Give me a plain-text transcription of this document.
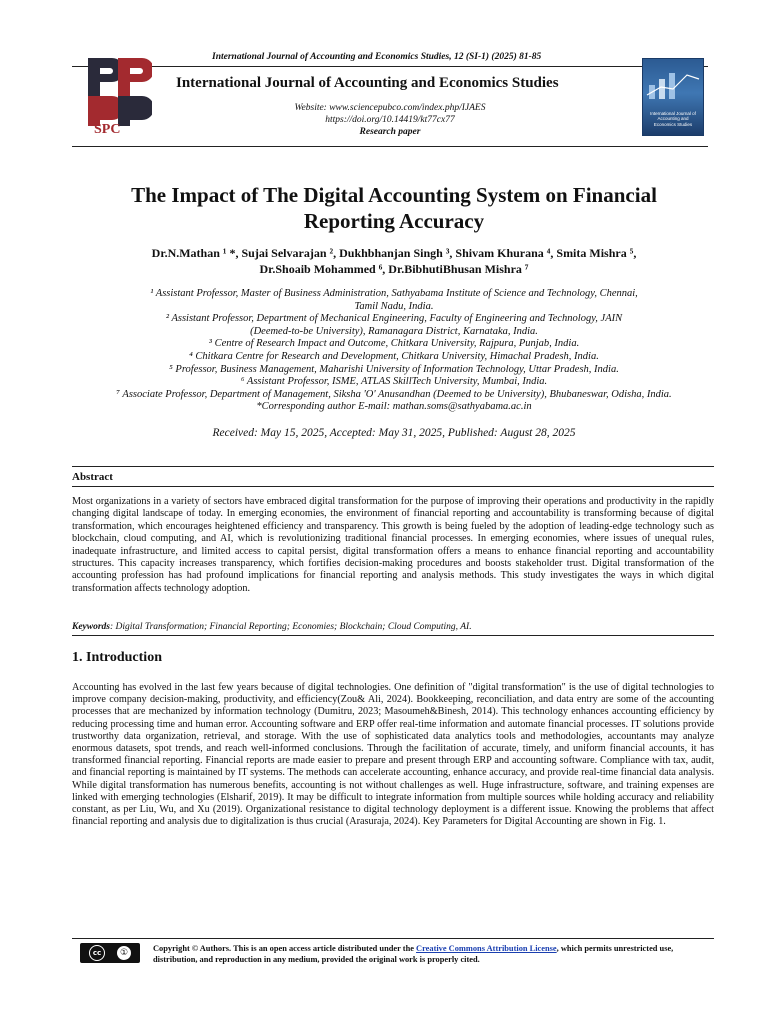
International Journal of Accounting and Economics Studies, 12 (SI-1) (2025) 81-85
SPC
International Journal of Accounting and Economics Studies
Website: www.sciencepubco.com/index.php/IJAES
https://doi.org/10.14419/kt77cx77
Research paper
International Journal of Accounting and Economics Studies
The Impact of The Digital Accounting System on Financial
Reporting Accuracy
Dr.N.Mathan ¹ *, Sujai Selvarajan ², Dukhbhanjan Singh ³, Shivam Khurana ⁴, Smita Mishra ⁵,
Dr.Shoaib Mohammed ⁶, Dr.BibhutiBhusan Mishra ⁷
¹ Assistant Professor, Master of Business Administration, Sathyabama Institute of Science and Technology, Chennai,
Tamil Nadu, India.
² Assistant Professor, Department of Mechanical Engineering, Faculty of Engineering and Technology, JAIN
(Deemed-to-be University), Ramanagara District, Karnataka, India.
³ Centre of Research Impact and Outcome, Chitkara University, Rajpura, Punjab, India.
⁴ Chitkara Centre for Research and Development, Chitkara University, Himachal Pradesh, India.
⁵ Professor, Business Management, Maharishi University of Information Technology, Uttar Pradesh, India.
⁶ Assistant Professor, ISME, ATLAS SkillTech University, Mumbai, India.
⁷ Associate Professor, Department of Management, Siksha 'O' Anusandhan (Deemed to be University), Bhubaneswar, Odisha, India.
*Corresponding author E-mail: mathan.soms@sathyabama.ac.in
Received: May 15, 2025, Accepted: May 31, 2025, Published: August 28, 2025
Abstract
Most organizations in a variety of sectors have embraced digital transformation for the purpose of improving their operations and productivity in the rapidly changing digital landscape of today. In emerging economies, the environment of financial reporting and accountability is transforming because of digital transformation, which encourages heightened efficiency and transparency. This growth is being fueled by the adoption of leading-edge technology such as blockchain, cloud computing, and AI, which is revolutionizing traditional financial processes. In emerging economies, where issues of unequal rules, inadequate infrastructure, and limited access to capital persist, digital transformation offers a means to enhance financial reporting and accountability structures. This capacity increases transparency, which fortifies decision-making procedures and boosts stakeholder trust. Digital transformation of the accounting profession has had profound implications for financial reporting and analysis methods. This study investigates the ways in which digital transformation affects technology adoption.
Keywords: Digital Transformation; Financial Reporting; Economies; Blockchain; Cloud Computing, AI.
1. Introduction
Accounting has evolved in the last few years because of digital technologies. One definition of "digital transformation" is the use of digital technologies to improve company decision-making, productivity, and efficiency(Zou& Ali, 2024). Bookkeeping, reconciliation, and data entry are some of the accounting processes that are mechanized by information technology (Dumitru, 2023; Masoumeh&Binesh, 2014). This technology enhances accounting efficiency by reducing processing time and human error. Accounting software and ERP offer real-time information and automate financial processes. IT solutions provide trustworthy data organization, retrieval, and storage. With the use of sophisticated data analytics tools and methodologies, accountants may analyze enormous datasets, spot trends, and reach well-informed conclusions. Through the facilitation of accurate, timely, and uniform financial accounts, it has transformed financial reporting. Financial reports are made easier to prepare and present through ERP and accounting software. Compliance with tax, audit, and financial reporting is maintained by IT systems. The methods can accelerate accounting, enhance accuracy, and provide real-time financial data analysis. While digital transformation has numerous benefits, accounting is not without challenges as well. Huge infrastructure, software, and training expenses are linked with emerging technologies (Elsharif, 2019). It may be difficult to integrate information from multiple sources while holding accuracy and reliability constant, as per Liu, Wu, and Xu (2019). Organizational resistance to digital technology deployment is a different issue. Knowing the problems that affect financial reporting and analysis due to digitalization is thus crucial (Arasuraja, 2024). Key Parameters for Digital Accounting are shown in Fig. 1.
cc	①	Copyright © Authors. This is an open access article distributed under the Creative Commons Attribution License, which permits unrestricted use, distribution, and reproduction in any medium, provided the original work is properly cited.
